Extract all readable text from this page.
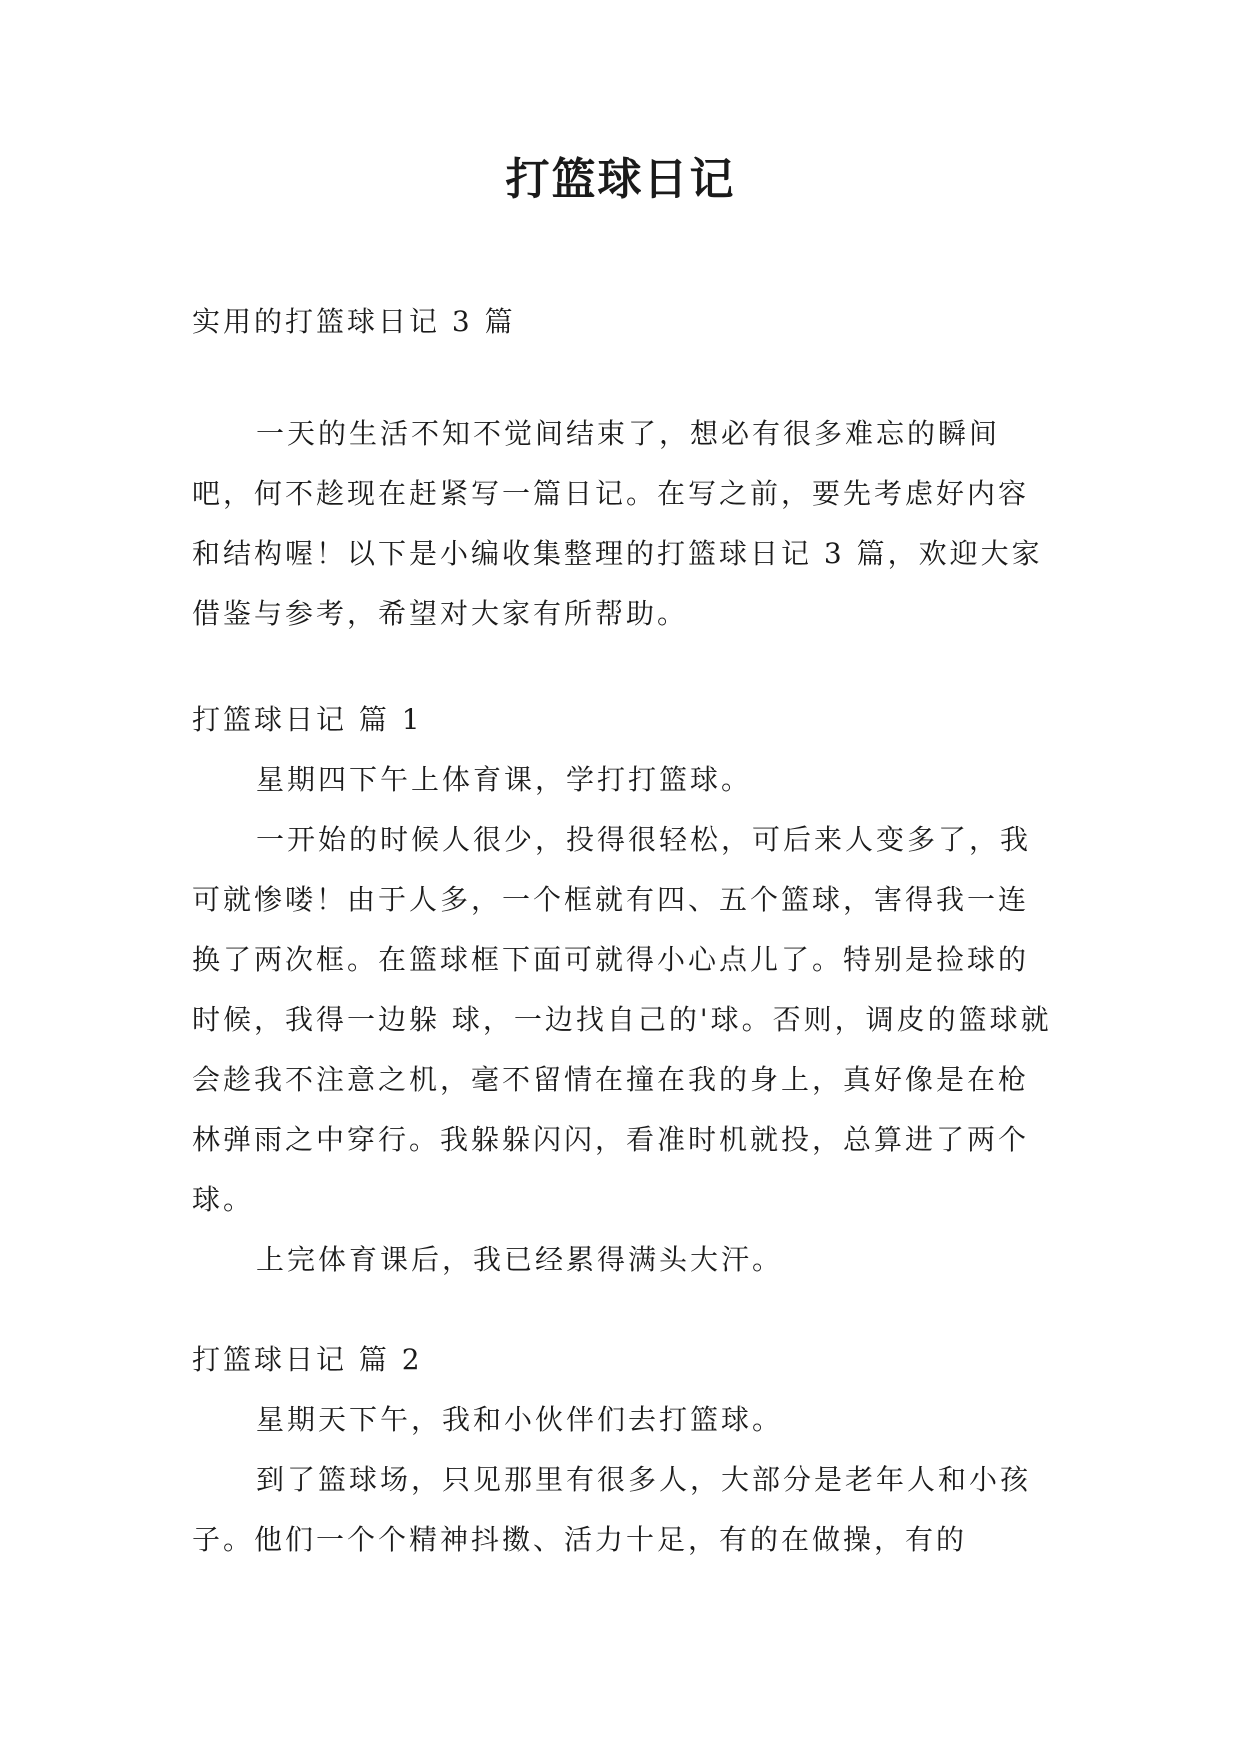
打篮球日记

实用的打篮球日记 3 篇

一天的生活不知不觉间结束了，想必有很多难忘的瞬间吧，何不趁现在赶紧写一篇日记。在写之前，要先考虑好内容和结构喔！以下是小编收集整理的打篮球日记 3 篇，欢迎大家借鉴与参考，希望对大家有所帮助。

打篮球日记 篇 1

星期四下午上体育课，学打打篮球。

一开始的时候人很少，投得很轻松，可后来人变多了，我可就惨喽！由于人多，一个框就有四、五个篮球，害得我一连换了两次框。在篮球框下面可就得小心点儿了。特别是捡球的时候，我得一边躲 球，一边找自己的'球。否则，调皮的篮球就会趁我不注意之机，毫不留情在撞在我的身上，真好像是在枪林弹雨之中穿行。我躲躲闪闪，看准时机就投，总算进了两个球。

上完体育课后，我已经累得满头大汗。

打篮球日记 篇 2

星期天下午，我和小伙伴们去打篮球。

到了篮球场，只见那里有很多人，大部分是老年人和小孩子。他们一个个精神抖擞、活力十足，有的在做操，有的
